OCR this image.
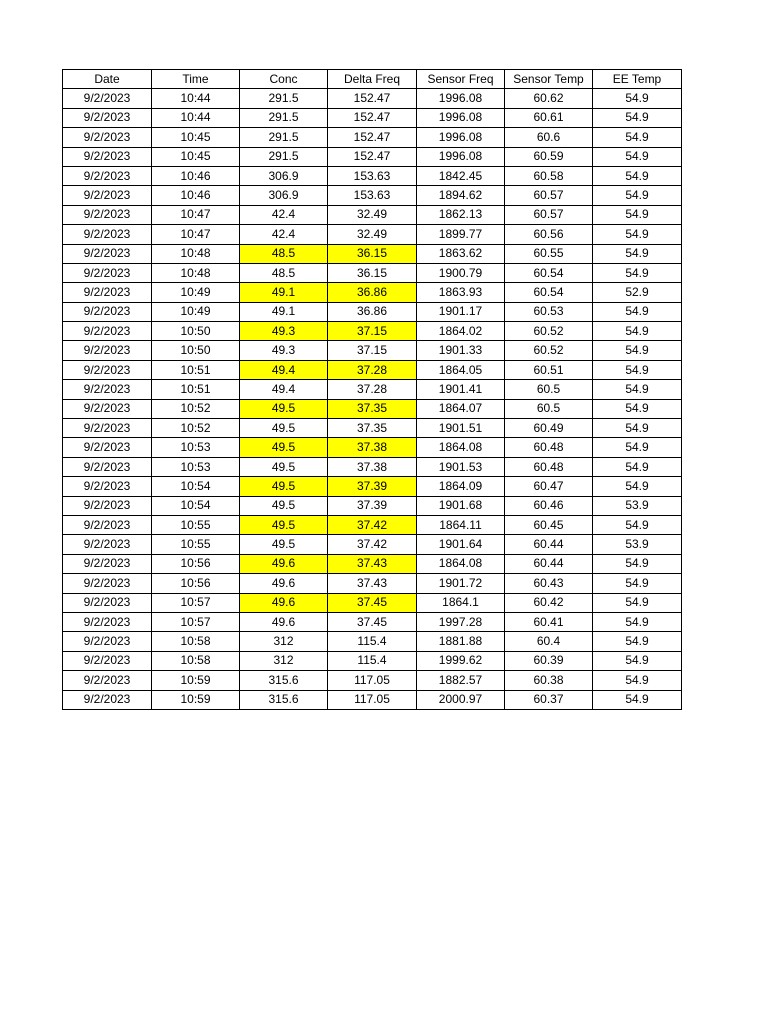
Date	Time	Conc	Delta Freq	Sensor Freq	Sensor Temp	EE Temp
9/2/2023	10:44	291.5	152.47	1996.08	60.62	54.9
9/2/2023	10:44	291.5	152.47	1996.08	60.61	54.9
9/2/2023	10:45	291.5	152.47	1996.08	60.6	54.9
9/2/2023	10:45	291.5	152.47	1996.08	60.59	54.9
9/2/2023	10:46	306.9	153.63	1842.45	60.58	54.9
9/2/2023	10:46	306.9	153.63	1894.62	60.57	54.9
9/2/2023	10:47	42.4	32.49	1862.13	60.57	54.9
9/2/2023	10:47	42.4	32.49	1899.77	60.56	54.9
9/2/2023	10:48	48.5	36.15	1863.62	60.55	54.9
9/2/2023	10:48	48.5	36.15	1900.79	60.54	54.9
9/2/2023	10:49	49.1	36.86	1863.93	60.54	52.9
9/2/2023	10:49	49.1	36.86	1901.17	60.53	54.9
9/2/2023	10:50	49.3	37.15	1864.02	60.52	54.9
9/2/2023	10:50	49.3	37.15	1901.33	60.52	54.9
9/2/2023	10:51	49.4	37.28	1864.05	60.51	54.9
9/2/2023	10:51	49.4	37.28	1901.41	60.5	54.9
9/2/2023	10:52	49.5	37.35	1864.07	60.5	54.9
9/2/2023	10:52	49.5	37.35	1901.51	60.49	54.9
9/2/2023	10:53	49.5	37.38	1864.08	60.48	54.9
9/2/2023	10:53	49.5	37.38	1901.53	60.48	54.9
9/2/2023	10:54	49.5	37.39	1864.09	60.47	54.9
9/2/2023	10:54	49.5	37.39	1901.68	60.46	53.9
9/2/2023	10:55	49.5	37.42	1864.11	60.45	54.9
9/2/2023	10:55	49.5	37.42	1901.64	60.44	53.9
9/2/2023	10:56	49.6	37.43	1864.08	60.44	54.9
9/2/2023	10:56	49.6	37.43	1901.72	60.43	54.9
9/2/2023	10:57	49.6	37.45	1864.1	60.42	54.9
9/2/2023	10:57	49.6	37.45	1997.28	60.41	54.9
9/2/2023	10:58	312	115.4	1881.88	60.4	54.9
9/2/2023	10:58	312	115.4	1999.62	60.39	54.9
9/2/2023	10:59	315.6	117.05	1882.57	60.38	54.9
9/2/2023	10:59	315.6	117.05	2000.97	60.37	54.9
